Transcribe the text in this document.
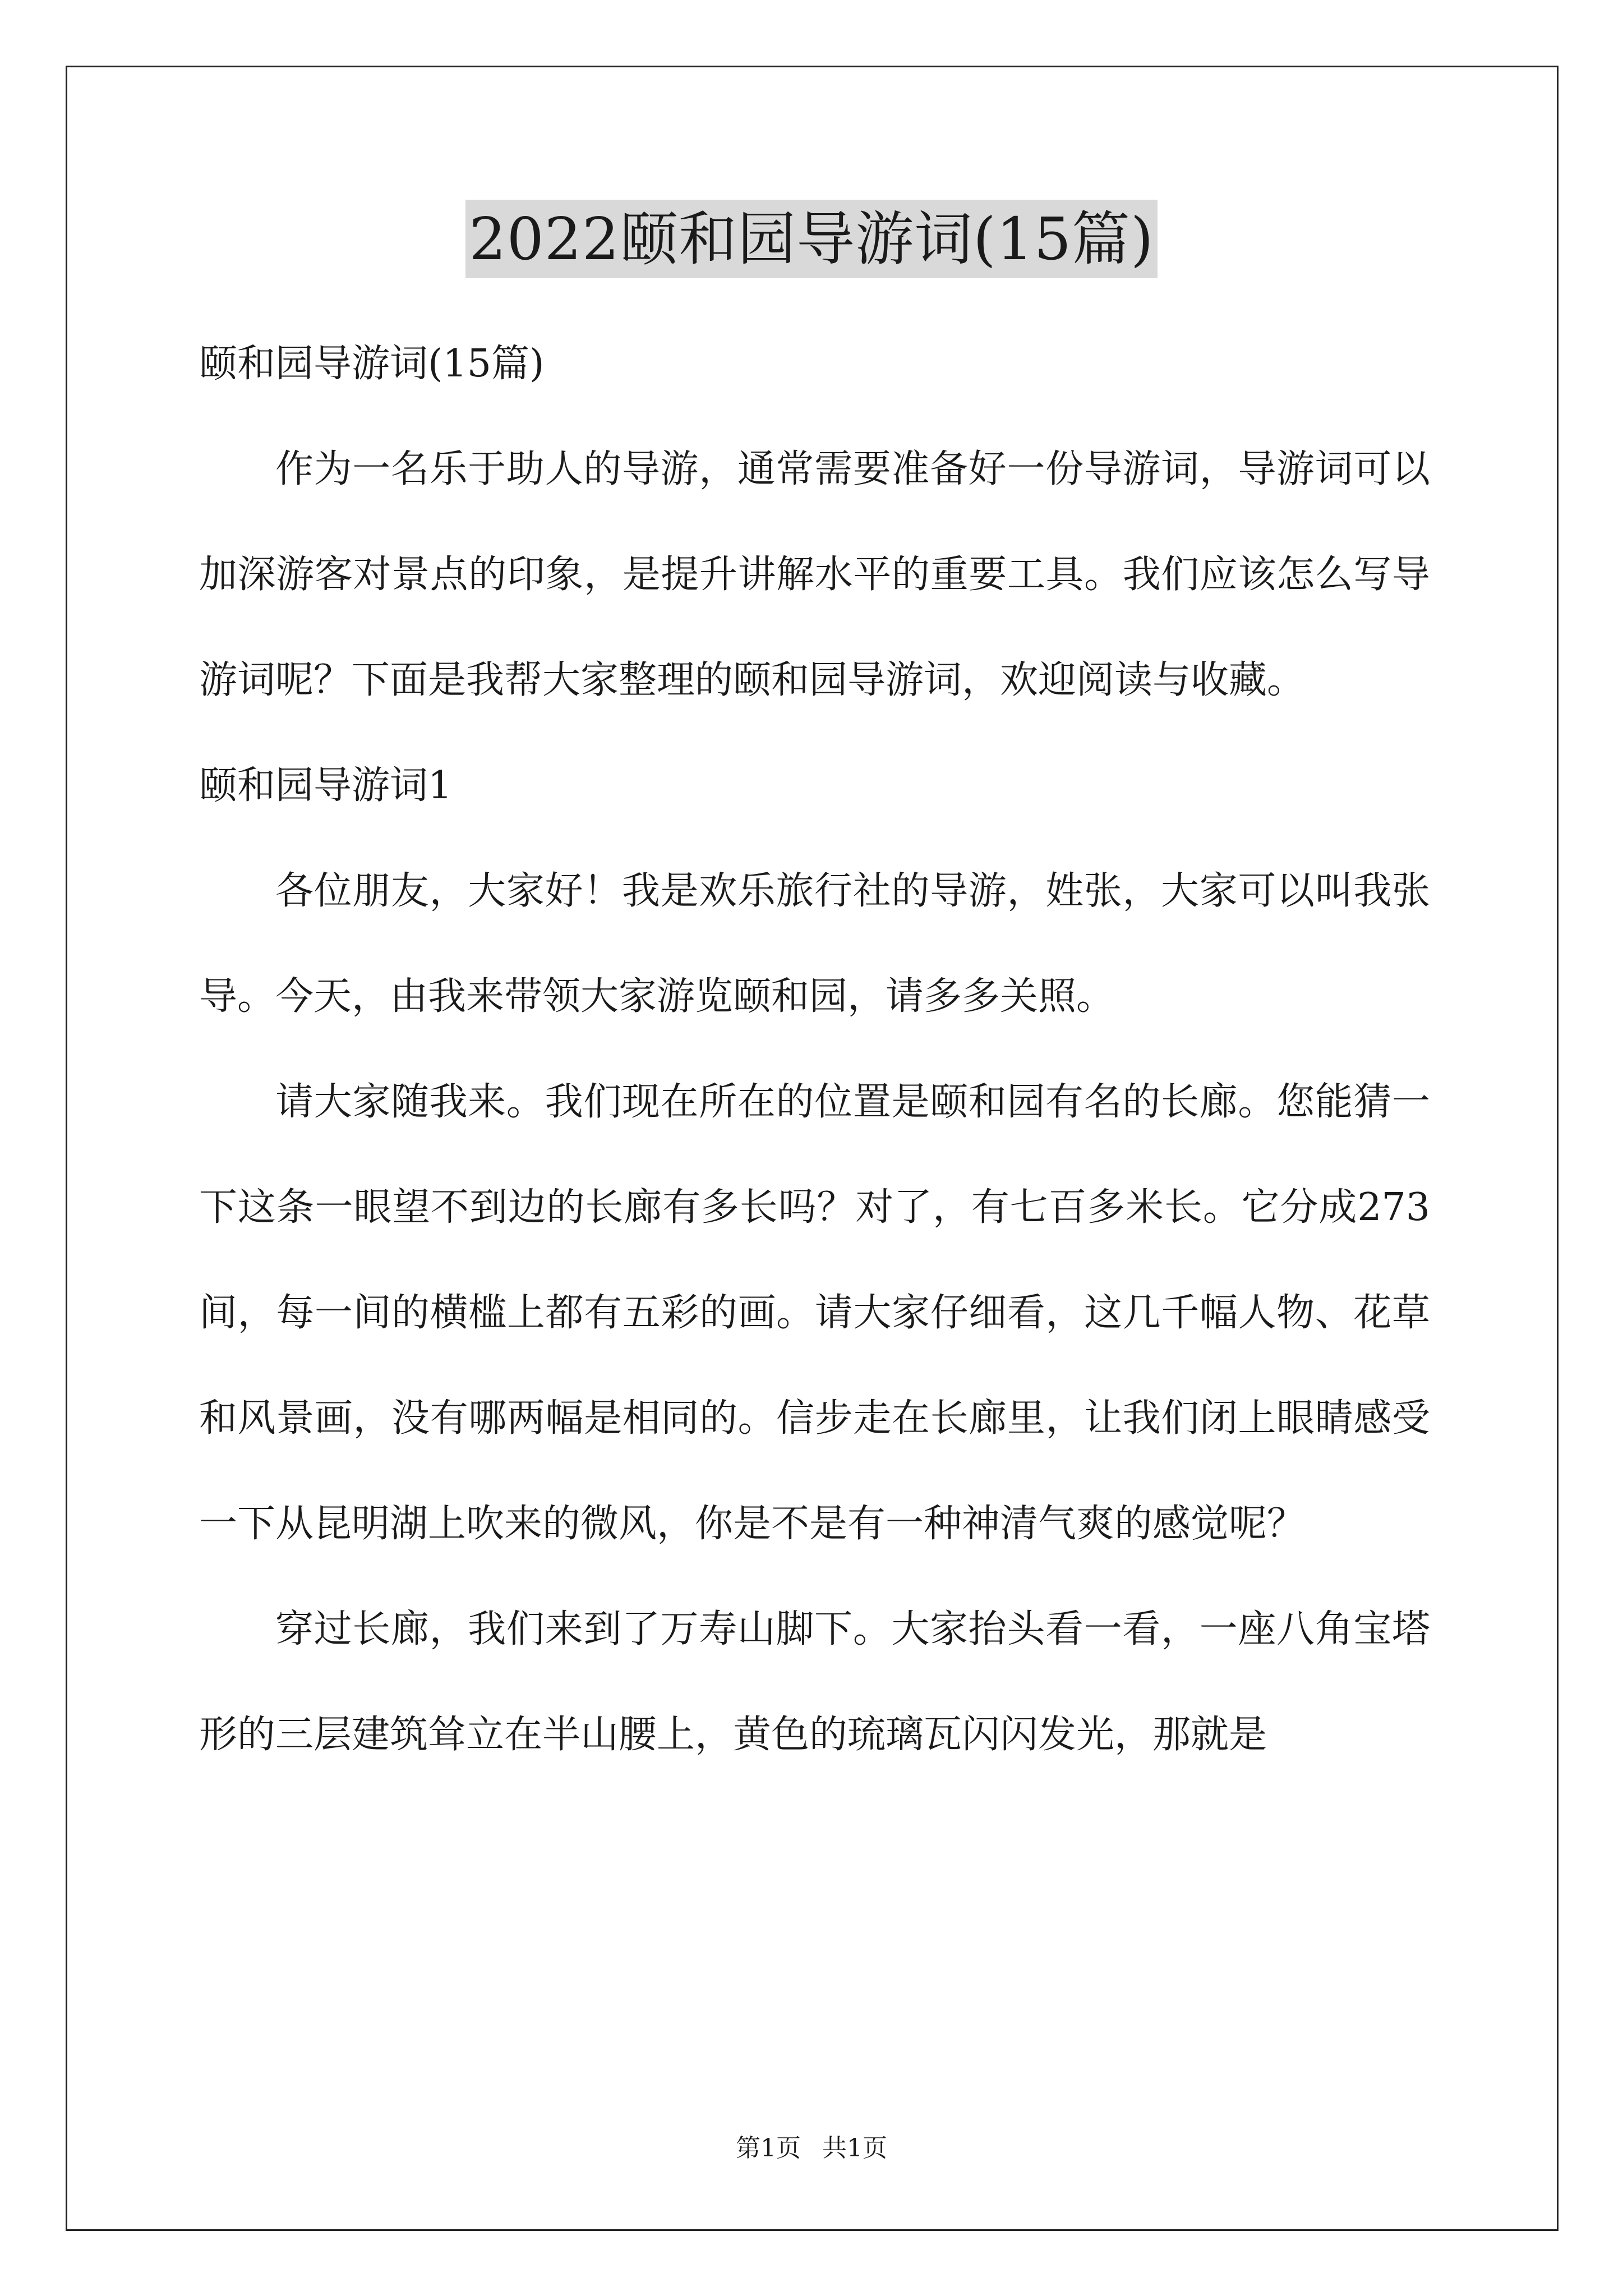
2022颐和园导游词(15篇)

颐和园导游词(15篇)

作为一名乐于助人的导游，通常需要准备好一份导游词，导游词可以加深游客对景点的印象，是提升讲解水平的重要工具。我们应该怎么写导游词呢？下面是我帮大家整理的颐和园导游词，欢迎阅读与收藏。

颐和园导游词1

各位朋友，大家好！我是欢乐旅行社的导游，姓张，大家可以叫我张导。今天，由我来带领大家游览颐和园，请多多关照。

请大家随我来。我们现在所在的位置是颐和园有名的长廊。您能猜一下这条一眼望不到边的长廊有多长吗？对了，有七百多米长。它分成273间，每一间的横槛上都有五彩的画。请大家仔细看，这几千幅人物、花草和风景画，没有哪两幅是相同的。信步走在长廊里，让我们闭上眼睛感受一下从昆明湖上吹来的微风，你是不是有一种神清气爽的感觉呢？

穿过长廊，我们来到了万寿山脚下。大家抬头看一看，一座八角宝塔形的三层建筑耸立在半山腰上，黄色的琉璃瓦闪闪发光，那就是

第1页 共1页
